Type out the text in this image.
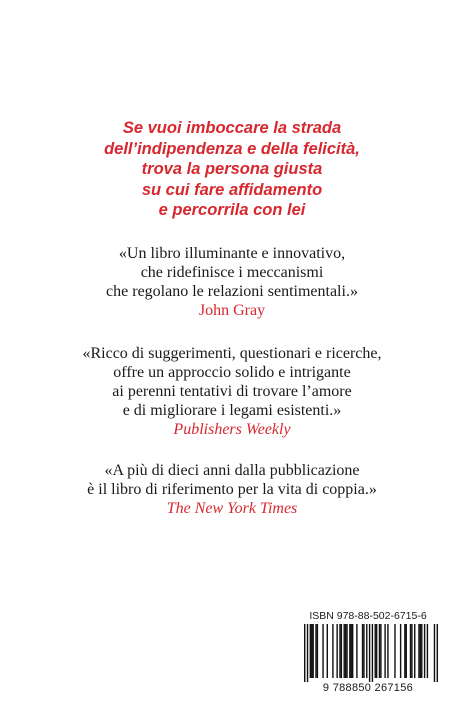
Se vuoi imboccare la strada
dell’indipendenza e della felicità,
trova la persona giusta
su cui fare affidamento
e percorrila con lei
«Un libro illuminante e innovativo,
che ridefinisce i meccanismi
che regolano le relazioni sentimentali.»
John Gray
«Ricco di suggerimenti, questionari e ricerche,
offre un approccio solido e intrigante
ai perenni tentativi di trovare l’amore
e di migliorare i legami esistenti.»
Publishers Weekly
«A più di dieci anni dalla pubblicazione
è il libro di riferimento per la vita di coppia.»
The New York Times
ISBN 978-88-502-6715-6
9 788850 267156
